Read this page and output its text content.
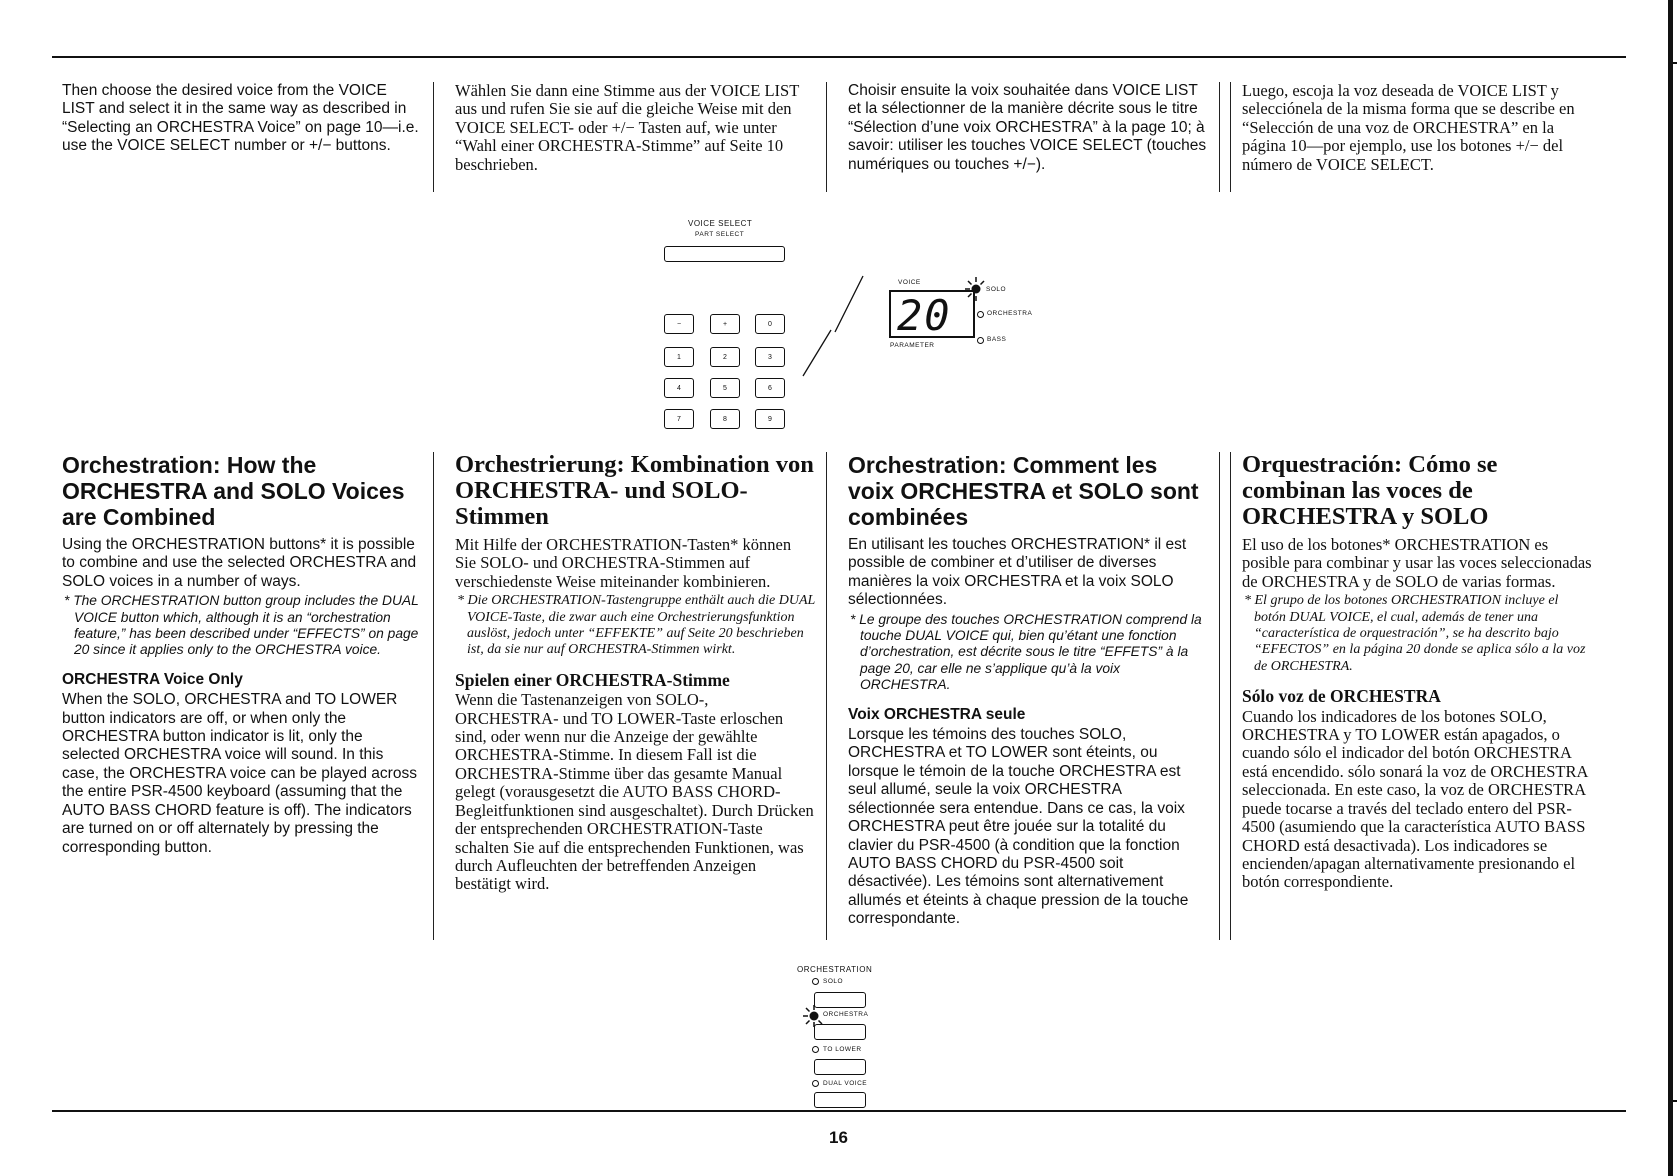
Then choose the desired voice from the VOICE LIST and select it in the same way as described in “Selecting an ORCHESTRA Voice” on page 10—i.e. use the VOICE SELECT number or +/− buttons.

Wählen Sie dann eine Stimme aus der VOICE LIST aus und rufen Sie sie auf die gleiche Weise mit den VOICE SELECT- oder +/− Tasten auf, wie unter “Wahl einer ORCHESTRA-Stimme” auf Seite 10 beschrieben.

Choisir ensuite la voix souhaitée dans VOICE LIST et la sélectionner de la manière décrite sous le titre “Sélection d’une voix ORCHESTRA” à la page 10; à savoir: utiliser les touches VOICE SELECT (touches numériques ou touches +/−).

Luego, escoja la voz deseada de VOICE LIST y selecciónela de la misma forma que se describe en “Selección de una voz de ORCHESTRA” en la página 10—por ejemplo, use los botones +/− del número de VOICE SELECT.

VOICE SELECT
PART SELECT
−	+	0
1	2	3
4	5	6
7	8	9
VOICE
20
PARAMETER
SOLO
ORCHESTRA
BASS
Orchestration: How the ORCHESTRA and SOLO Voices are Combined

Using the ORCHESTRATION buttons* it is possible to combine and use the selected ORCHESTRA and SOLO voices in a number of ways.

* The ORCHESTRATION button group includes the DUAL VOICE button which, although it is an “orchestration feature,” has been described under “EFFECTS” on page 20 since it applies only to the ORCHESTRA voice.

ORCHESTRA Voice Only

When the SOLO, ORCHESTRA and TO LOWER button indicators are off, or when only the ORCHESTRA button indicator is lit, only the selected ORCHESTRA voice will sound. In this case, the ORCHESTRA voice can be played across the entire PSR-4500 keyboard (assuming that the AUTO BASS CHORD feature is off). The indicators are turned on or off alternately by pressing the corresponding button.

Orchestrierung: Kombination von ORCHESTRA- und SOLO-Stimmen

Mit Hilfe der ORCHESTRATION-Tasten* können Sie SOLO- und ORCHESTRA-Stimmen auf verschiedenste Weise miteinander kombinieren.

* Die ORCHESTRATION-Tastengruppe enthält auch die DUAL VOICE-Taste, die zwar auch eine Orchestrierungsfunktion auslöst, jedoch unter “EFFEKTE” auf Seite 20 beschrieben ist, da sie nur auf ORCHESTRA-Stimmen wirkt.

Spielen einer ORCHESTRA-Stimme

Wenn die Tastenanzeigen von SOLO-, ORCHESTRA- und TO LOWER-Taste erloschen sind, oder wenn nur die Anzeige der gewählte ORCHESTRA-Stimme. In diesem Fall ist die ORCHESTRA-Stimme über das gesamte Manual gelegt (vorausgesetzt die AUTO BASS CHORD-Begleitfunktionen sind ausgeschaltet). Durch Drücken der entsprechenden ORCHESTRATION-Taste schalten Sie auf die entsprechenden Funktionen, was durch Aufleuchten der betreffenden Anzeigen bestätigt wird.

Orchestration: Comment les voix ORCHESTRA et SOLO sont combinées

En utilisant les touches ORCHESTRATION* il est possible de combiner et d’utiliser de diverses manières la voix ORCHESTRA et la voix SOLO sélectionnées.

* Le groupe des touches ORCHESTRATION comprend la touche DUAL VOICE qui, bien qu’étant une fonction d’orchestration, est décrite sous le titre “EFFETS” à la page 20, car elle ne s’applique qu’à la voix ORCHESTRA.

Voix ORCHESTRA seule

Lorsque les témoins des touches SOLO, ORCHESTRA et TO LOWER sont éteints, ou lorsque le témoin de la touche ORCHESTRA est seul allumé, seule la voix ORCHESTRA sélectionnée sera entendue. Dans ce cas, la voix ORCHESTRA peut être jouée sur la totalité du clavier du PSR-4500 (à condition que la fonction AUTO BASS CHORD du PSR-4500 soit désactivée). Les témoins sont alternativement allumés et éteints à chaque pression de la touche correspondante.

Orquestración: Cómo se combinan las voces de ORCHESTRA y SOLO

El uso de los botones* ORCHESTRATION es posible para combinar y usar las voces seleccionadas de ORCHESTRA y de SOLO de varias formas.

* El grupo de los botones ORCHESTRATION incluye el botón DUAL VOICE, el cual, además de tener una “característica de orquestración”, se ha descrito bajo “EFECTOS” en la página 20 donde se aplica sólo a la voz de ORCHESTRA.

Sólo voz de ORCHESTRA

Cuando los indicadores de los botones SOLO, ORCHESTRA y TO LOWER están apagados, o cuando sólo el indicador del botón ORCHESTRA está encendido. sólo sonará la voz de ORCHESTRA seleccionada. En este caso, la voz de ORCHESTRA puede tocarse a través del teclado entero del PSR-4500 (asumiendo que la característica AUTO BASS CHORD está desactivada). Los indicadores se encienden/apagan alternativamente presionando el botón correspondiente.

ORCHESTRATION
SOLO
ORCHESTRA
TO LOWER
DUAL VOICE
16
